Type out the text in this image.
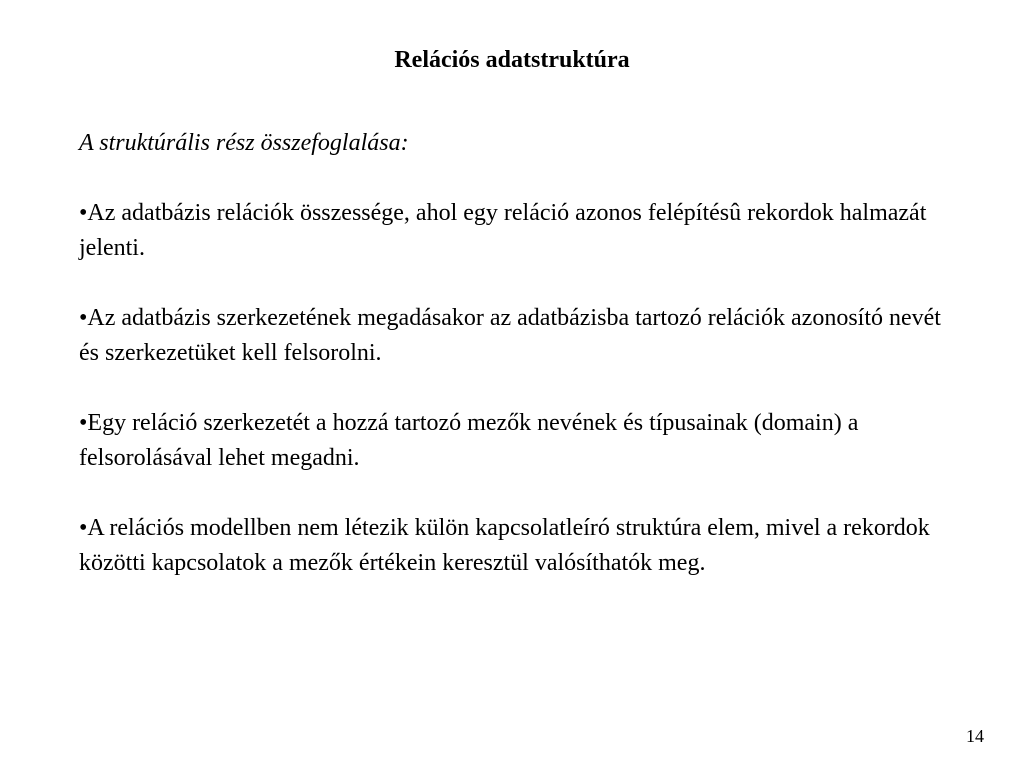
Relációs adatstruktúra

A struktúrális rész összefoglalása:

•Az adatbázis relációk összessége, ahol egy reláció azonos felépítésû rekordok halmazát jelenti.

•Az adatbázis szerkezetének megadásakor az adatbázisba tartozó relációk azonosító nevét és szerkezetüket kell felsorolni.

•Egy reláció szerkezetét a hozzá tartozó mezők nevének és típusainak (domain) a felsorolásával lehet megadni.

•A relációs modellben nem létezik külön kapcsolatleíró struktúra elem, mivel a rekordok közötti kapcsolatok a mezők értékein keresztül valósíthatók meg.

14
